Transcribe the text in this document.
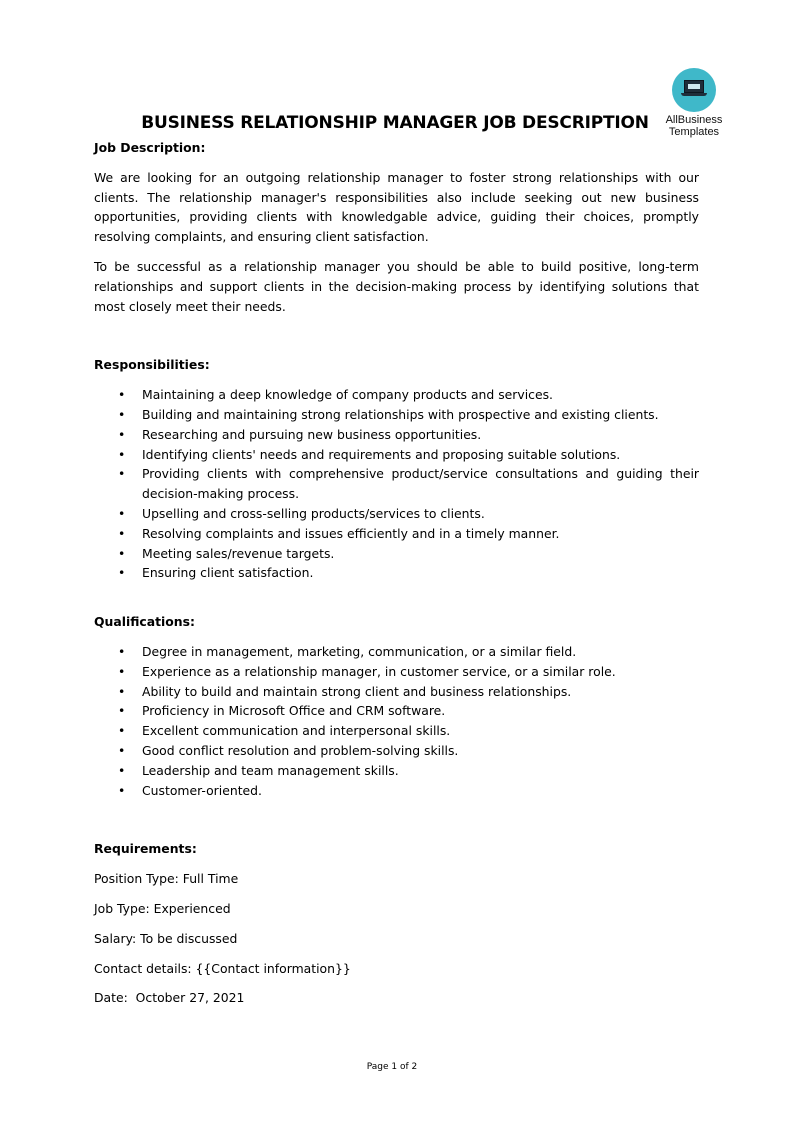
AllBusiness
Templates
BUSINESS RELATIONSHIP MANAGER JOB DESCRIPTION

Job Description:

We are looking for an outgoing relationship manager to foster strong relationships with our clients. The relationship manager's responsibilities also include seeking out new business opportunities, providing clients with knowledgable advice, guiding their choices, promptly resolving complaints, and ensuring client satisfaction.

To be successful as a relationship manager you should be able to build positive, long-term relationships and support clients in the decision-making process by identifying solutions that most closely meet their needs.

Responsibilities:

• Maintaining a deep knowledge of company products and services.
• Building and maintaining strong relationships with prospective and existing clients.
• Researching and pursuing new business opportunities.
• Identifying clients' needs and requirements and proposing suitable solutions.
• Providing clients with comprehensive product/service consultations and guiding their decision-making process.
• Upselling and cross-selling products/services to clients.
• Resolving complaints and issues efficiently and in a timely manner.
• Meeting sales/revenue targets.
• Ensuring client satisfaction.

Qualifications:

• Degree in management, marketing, communication, or a similar field.
• Experience as a relationship manager, in customer service, or a similar role.
• Ability to build and maintain strong client and business relationships.
• Proficiency in Microsoft Office and CRM software.
• Excellent communication and interpersonal skills.
• Good conflict resolution and problem-solving skills.
• Leadership and team management skills.
• Customer-oriented.

Requirements:

Position Type: Full Time

Job Type: Experienced

Salary: To be discussed

Contact details: {{Contact information}}

Date:  October 27, 2021

Page 1 of 2
